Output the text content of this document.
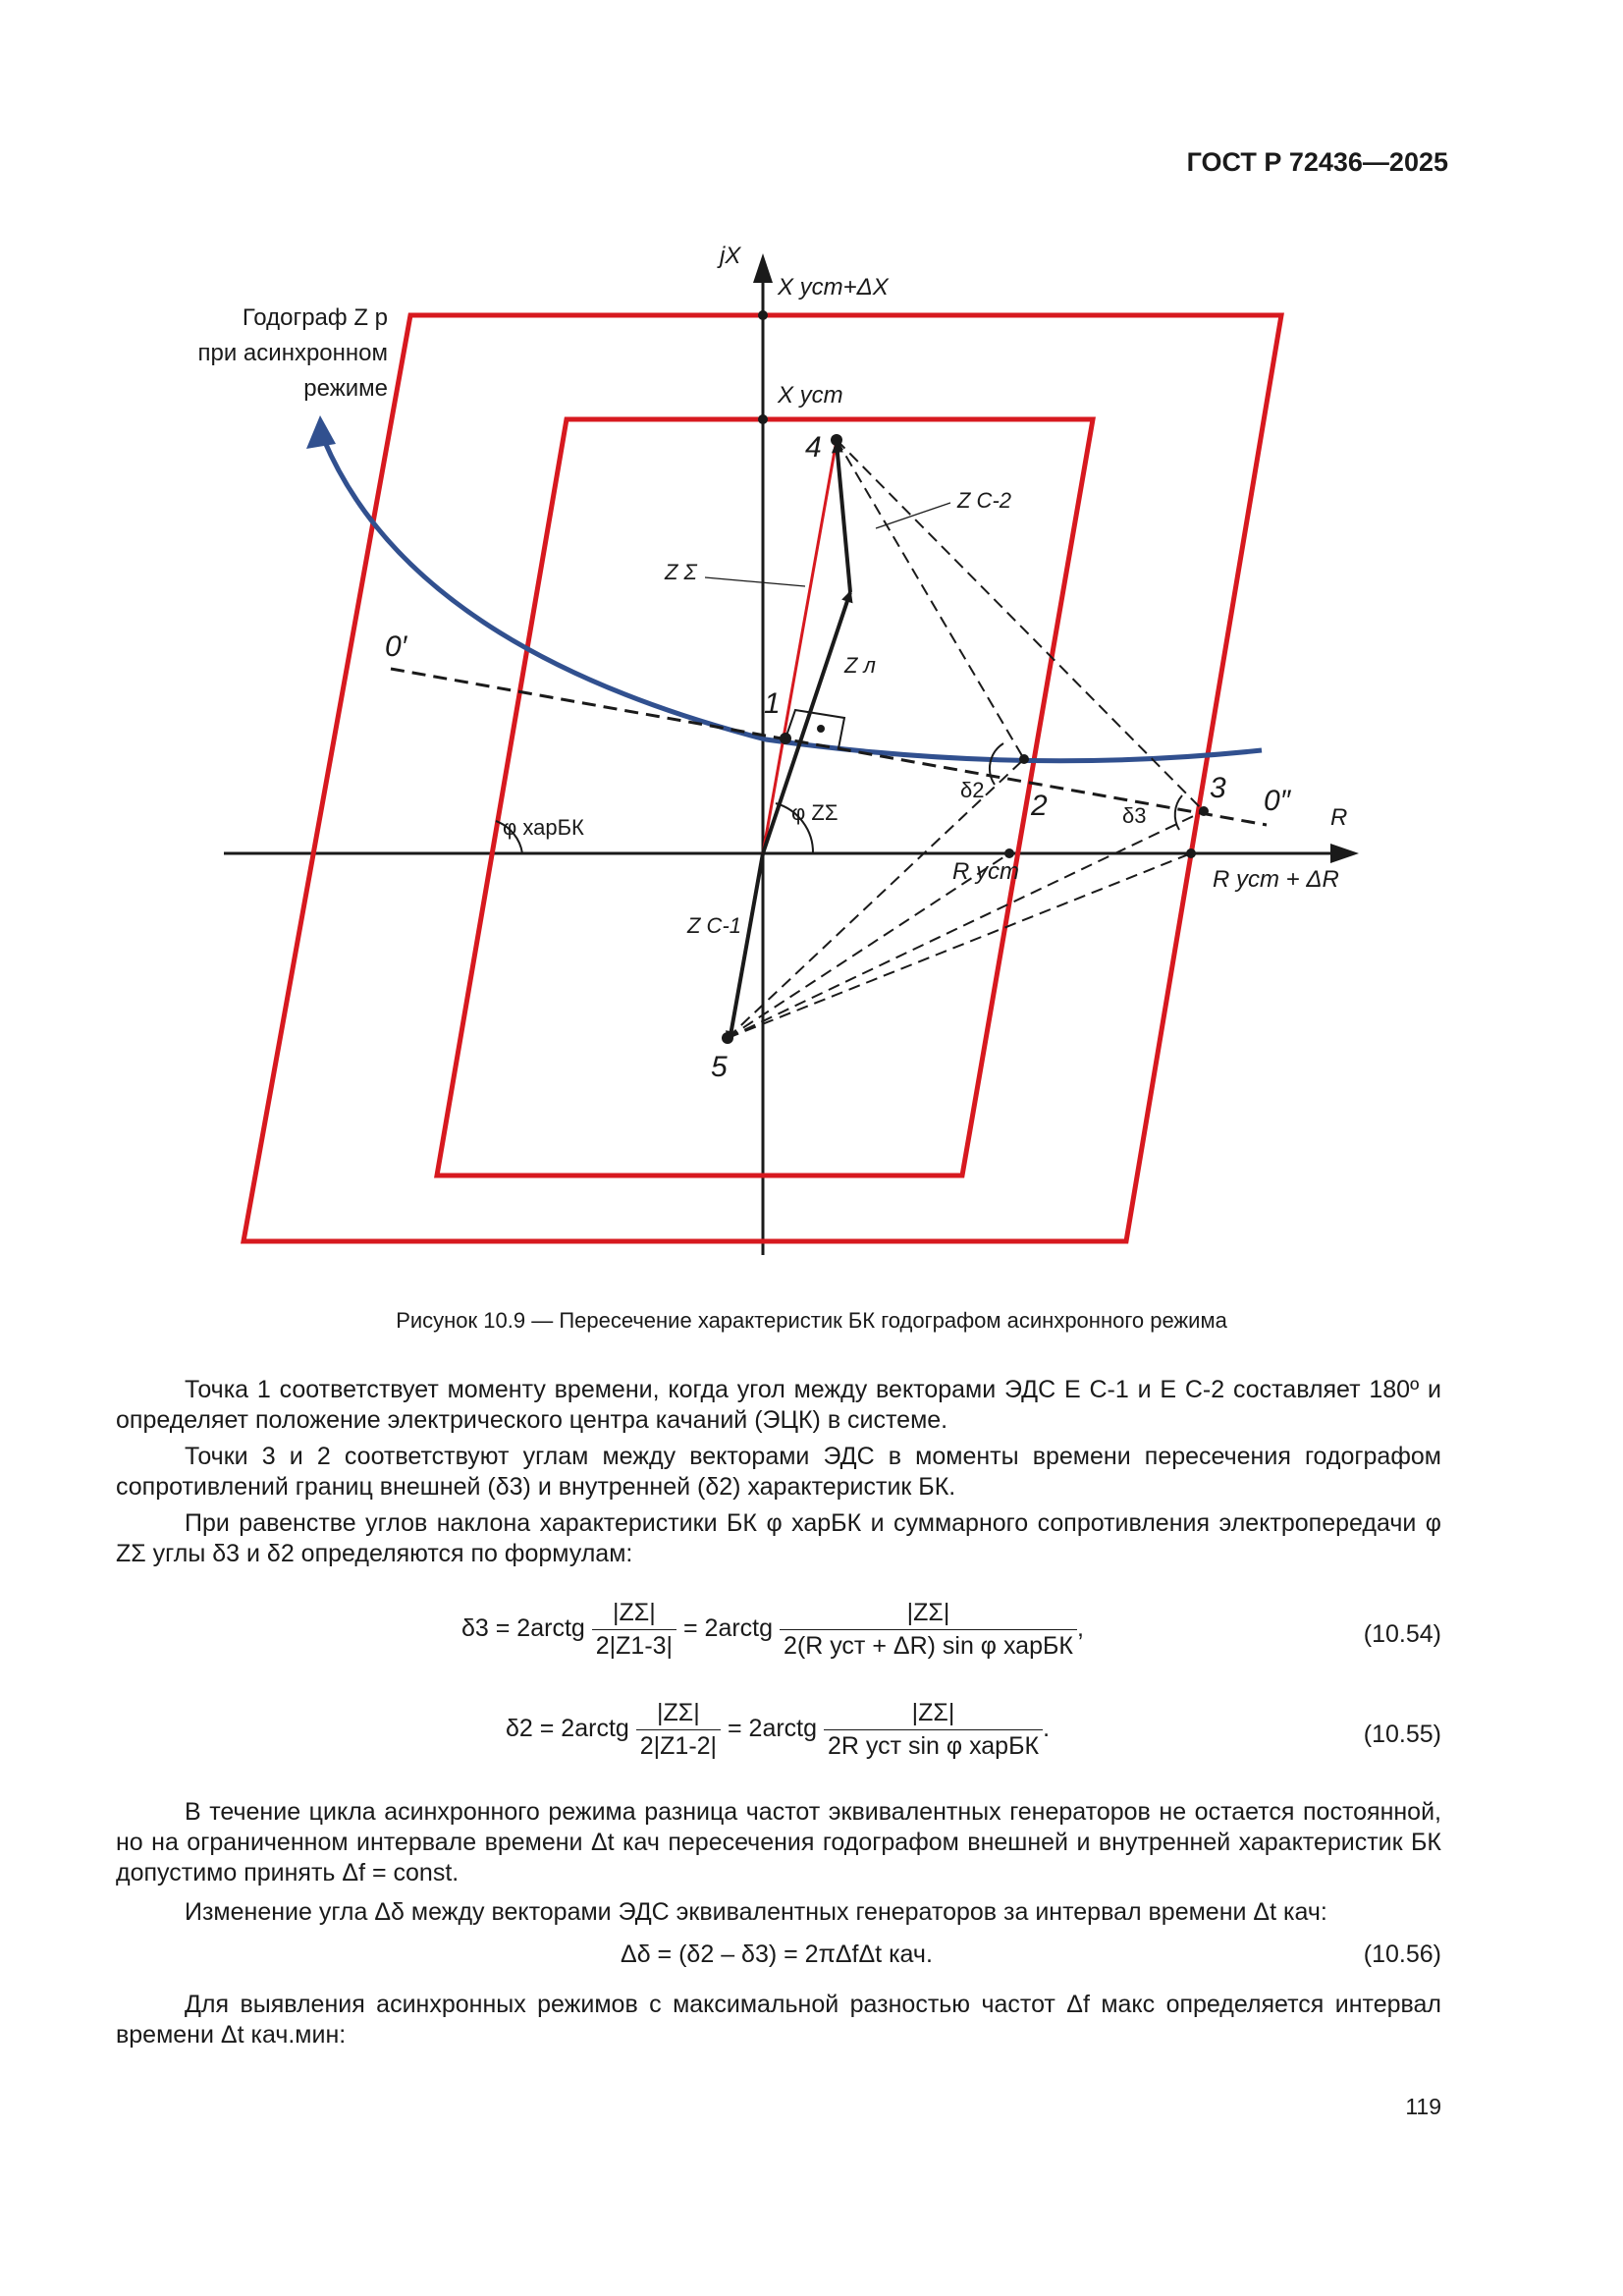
ГОСТ Р 72436—2025
jX
X уст+ΔX
X уст
Годограф Z р
при асинхронном
режиме
4
Z C-2
Z Σ
Z л
0′
1
δ2 2	δ3
3 0″
R
φ харБК
φ ZΣ
R уст	R уст + ΔR
Z C-1
5
Рисунок 10.9 — Пересечение характеристик БК годографом асинхронного режима
Точка 1 соответствует моменту времени, когда угол между векторами ЭДС E С-1 и E С-2 составляет 180º и определяет положение электрического центра качаний (ЭЦК) в системе.
Точки 3 и 2 соответствуют углам между векторами ЭДС в моменты времени пересечения годографом сопротивлений границ внешней (δ3) и внутренней (δ2) характеристик БК.
При равенстве углов наклона характеристики БК φ харБК и суммарного сопротивления электропередачи φ ZΣ углы δ3 и δ2 определяются по формулам:
δ3 = 2arctg $\frac{|Z\Sigma|}{2|Z1-3|}$ = 2arctg $\frac{|Z\Sigma|}{\text{2(R уст + ΔR) sin φ харБК}}$ ,	(10.54)
δ2 = 2arctg $\frac{|Z\Sigma|}{2|Z1-2|}$ = 2arctg $\frac{|Z\Sigma|}{\text{2R уст sin φ харБК}}$ .	(10.55)
В течение цикла асинхронного режима разница частот эквивалентных генераторов не остается постоянной, но на ограниченном интервале времени Δt кач пересечения годографом внешней и внутренней характеристик БК допустимо принять Δf = const.
Изменение угла Δδ между векторами ЭДС эквивалентных генераторов за интервал времени Δt кач:
Δδ = (δ2 – δ3) = 2πΔfΔt кач.	(10.56)
Для выявления асинхронных режимов с максимальной разностью частот Δf макс определяется интервал времени Δt кач.мин:
119
